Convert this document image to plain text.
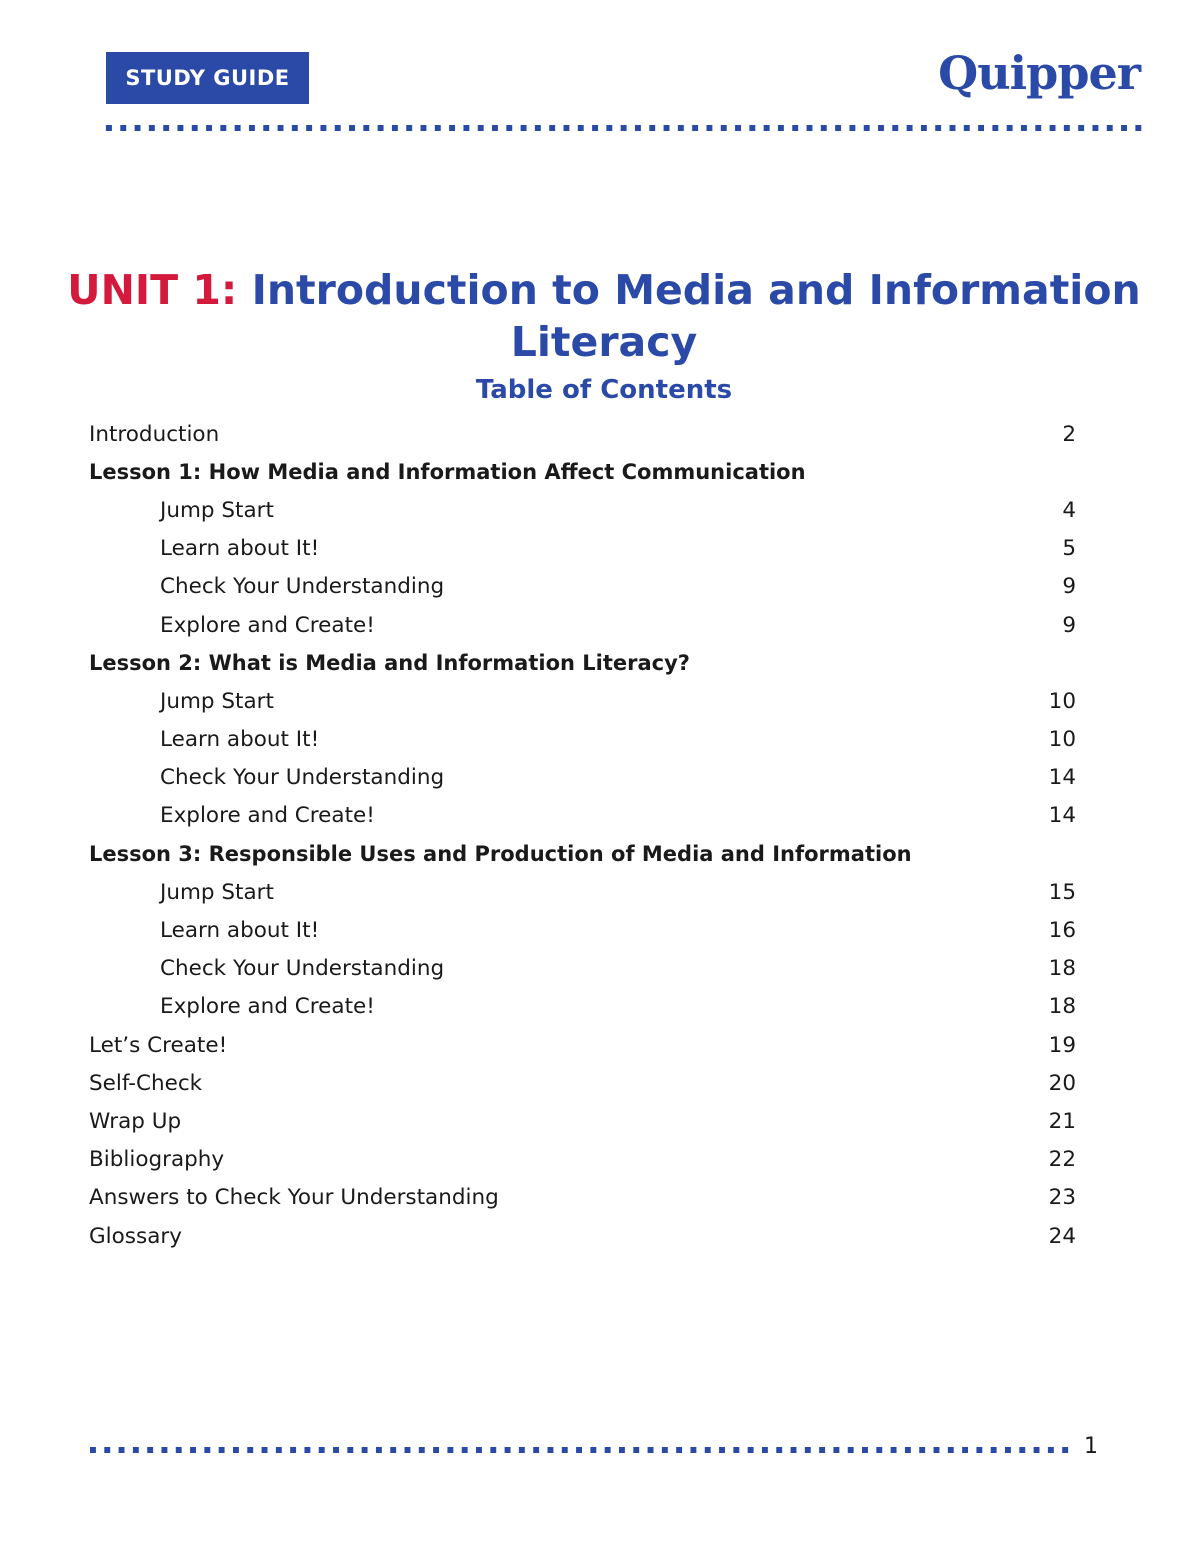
STUDY GUIDE	Quipper
UNIT 1: Introduction to Media and Information Literacy
Table of Contents
Introduction	2
Lesson 1: How Media and Information Affect Communication
Jump Start	4
Learn about It!	5
Check Your Understanding	9
Explore and Create!	9
Lesson 2: What is Media and Information Literacy?
Jump Start	10
Learn about It!	10
Check Your Understanding	14
Explore and Create!	14
Lesson 3: Responsible Uses and Production of Media and Information
Jump Start	15
Learn about It!	16
Check Your Understanding	18
Explore and Create!	18
Let’s Create!	19
Self-Check	20
Wrap Up	21
Bibliography	22
Answers to Check Your Understanding	23
Glossary	24
1
